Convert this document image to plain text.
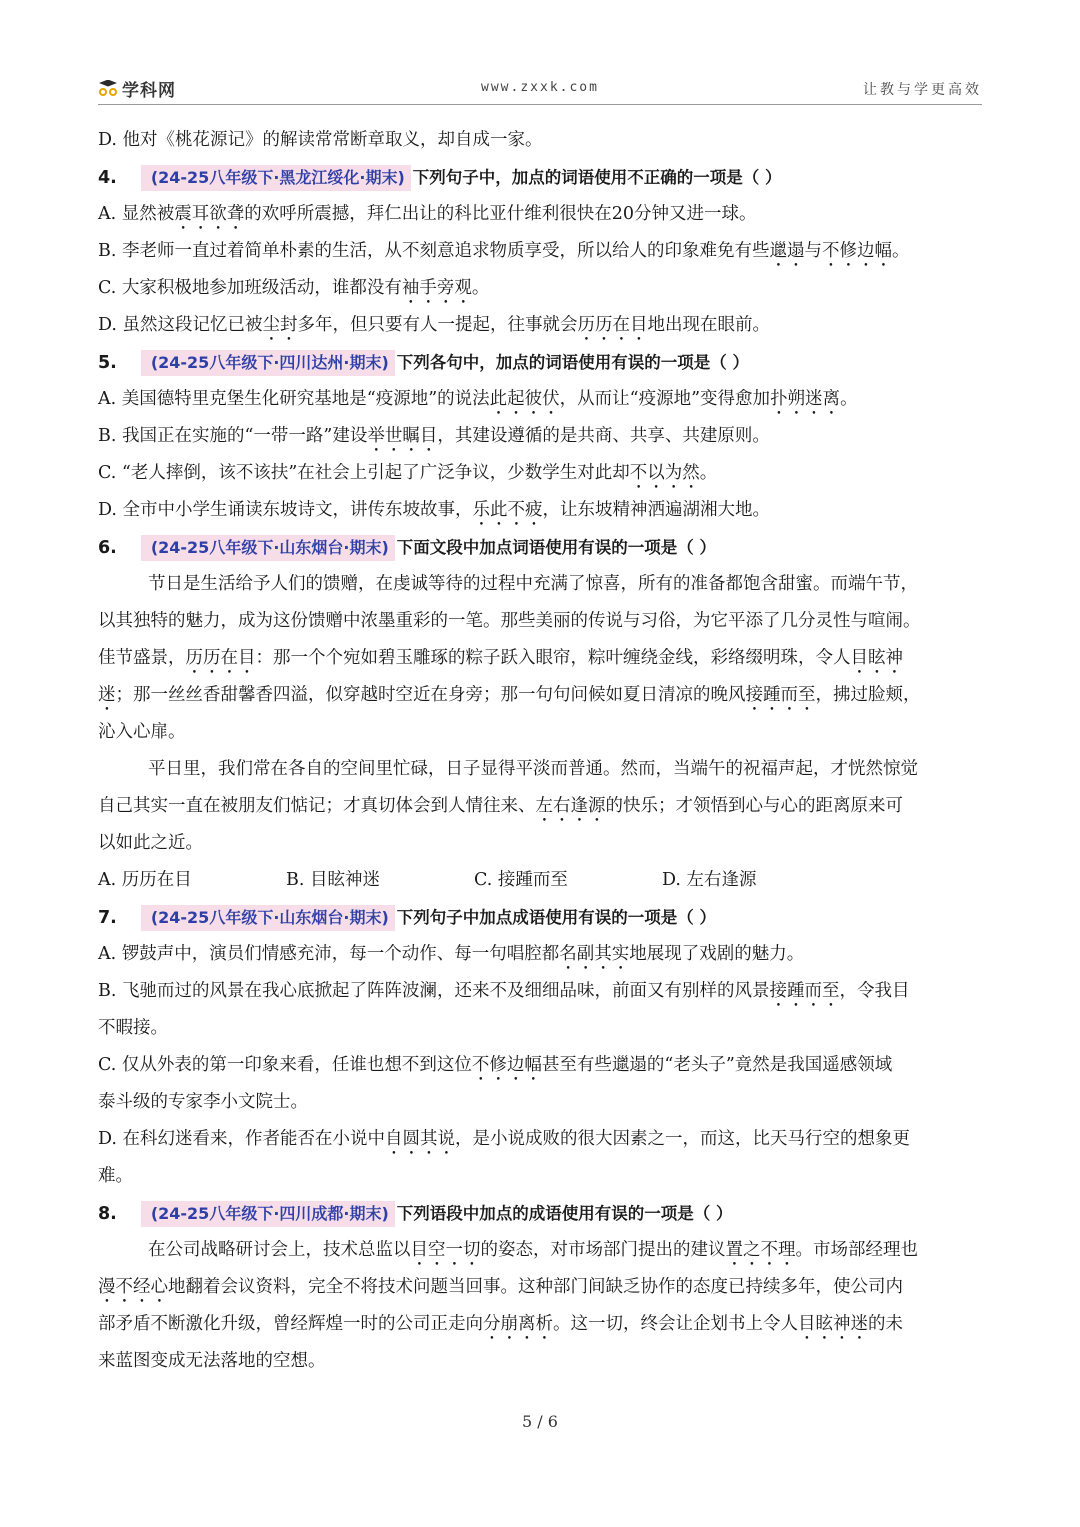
学科网	www.zxxk.com	让教与学更高效
D. 他对《桃花源记》的解读常常断章取义，却自成一家。
4. (24-25八年级下·黑龙江绥化·期末) 下列句子中，加点的词语使用不正确的一项是（ ）
A. 显然被震耳欲聋的欢呼所震撼，拜仁出让的科比亚什维利很快在20分钟又进一球。
B. 李老师一直过着简单朴素的生活，从不刻意追求物质享受，所以给人的印象难免有些邋遢与不修边幅。
C. 大家积极地参加班级活动，谁都没有袖手旁观。
D. 虽然这段记忆已被尘封多年，但只要有人一提起，往事就会历历在目地出现在眼前。
5. (24-25八年级下·四川达州·期末) 下列各句中，加点的词语使用有误的一项是（ ）
A. 美国德特里克堡生化研究基地是“疫源地”的说法此起彼伏，从而让“疫源地”变得愈加扑朔迷离。
B. 我国正在实施的“一带一路”建设举世瞩目，其建设遵循的是共商、共享、共建原则。
C. “老人摔倒，该不该扶”在社会上引起了广泛争议，少数学生对此却不以为然。
D. 全市中小学生诵读东坡诗文，讲传东坡故事，乐此不疲，让东坡精神洒遍湖湘大地。
6. (24-25八年级下·山东烟台·期末) 下面文段中加点词语使用有误的一项是（ ）
节日是生活给予人们的馈赠，在虔诚等待的过程中充满了惊喜，所有的准备都饱含甜蜜。而端午节，
以其独特的魅力，成为这份馈赠中浓墨重彩的一笔。那些美丽的传说与习俗，为它平添了几分灵性与喧闹。
佳节盛景，历历在目：那一个个宛如碧玉雕琢的粽子跃入眼帘，粽叶缠绕金线，彩络缀明珠，令人目眩神
迷；那一丝丝香甜馨香四溢，似穿越时空近在身旁；那一句句问候如夏日清凉的晚风接踵而至，拂过脸颊，
沁入心扉。
平日里，我们常在各自的空间里忙碌，日子显得平淡而普通。然而，当端午的祝福声起，才恍然惊觉
自己其实一直在被朋友们惦记；才真切体会到人情往来、左右逢源的快乐；才领悟到心与心的距离原来可
以如此之近。
A. 历历在目	B. 目眩神迷	C. 接踵而至	D. 左右逢源
7. (24-25八年级下·山东烟台·期末) 下列句子中加点成语使用有误的一项是（ ）
A. 锣鼓声中，演员们情感充沛，每一个动作、每一句唱腔都名副其实地展现了戏剧的魅力。
B. 飞驰而过的风景在我心底掀起了阵阵波澜，还来不及细细品味，前面又有别样的风景接踵而至，令我目
不暇接。
C. 仅从外表的第一印象来看，任谁也想不到这位不修边幅甚至有些邋遢的“老头子”竟然是我国遥感领域
泰斗级的专家李小文院士。
D. 在科幻迷看来，作者能否在小说中自圆其说，是小说成败的很大因素之一，而这，比天马行空的想象更
难。
8. (24-25八年级下·四川成都·期末) 下列语段中加点的成语使用有误的一项是（ ）
在公司战略研讨会上，技术总监以目空一切的姿态，对市场部门提出的建议置之不理。市场部经理也
漫不经心地翻着会议资料，完全不将技术问题当回事。这种部门间缺乏协作的态度已持续多年，使公司内
部矛盾不断激化升级，曾经辉煌一时的公司正走向分崩离析。这一切，终会让企划书上令人目眩神迷的未
来蓝图变成无法落地的空想。
5 / 6
